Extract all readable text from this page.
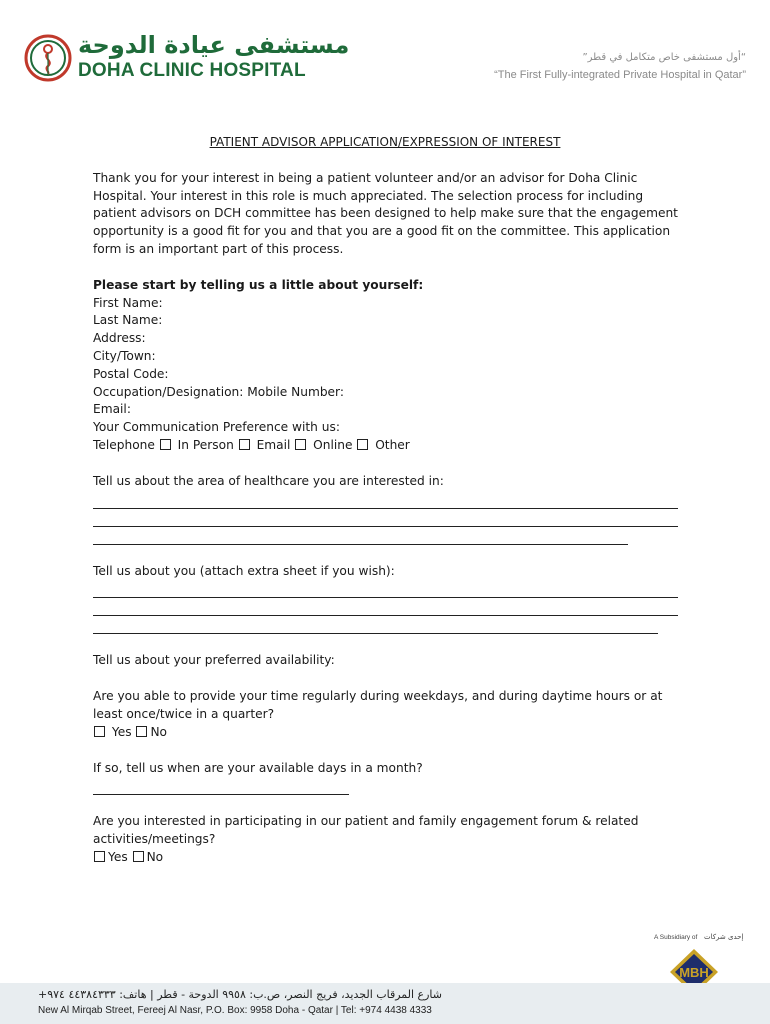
مستشفى عيادة الدوحة
DOHA CLINIC HOSPITAL
“أول مستشفى خاص متكامل في قطر”
“The First Fully-integrated Private Hospital in Qatar”

PATIENT ADVISOR APPLICATION/EXPRESSION OF INTEREST

Thank you for your interest in being a patient volunteer and/or an advisor for Doha Clinic Hospital. Your interest in this role is much appreciated. The selection process for including patient advisors on DCH committee has been designed to help make sure that the engagement opportunity is a good fit for you and that you are a good fit on the committee. This application form is an important part of this process.

Please start by telling us a little about yourself:

First Name:

Last Name:

Address:

City/Town:

Postal Code:

Occupation/Designation: Mobile Number:

Email:

Your Communication Preference with us:

Telephone In Person Email Online Other

Tell us about the area of healthcare you are interested in:

Tell us about you (attach extra sheet if you wish):

Tell us about your preferred availability:

Are you able to provide your time regularly during weekdays, and during daytime hours or at least once/twice in a quarter?

Yes No

If so, tell us when are your available days in a month?

Are you interested in participating in our patient and family engagement forum & related activities/meetings?

Yes No

A Subsidiary of إحدى شركات
MBH
شارع المرقاب الجديد، فريج النصر، ص.ب: ٩٩٥٨ الدوحة - قطر | هاتف: ٤٤٣٨٤٣٣٣ ٩٧٤+
New Al Mirqab Street, Fereej Al Nasr, P.O. Box: 9958 Doha - Qatar | Tel: +974 4438 4333
